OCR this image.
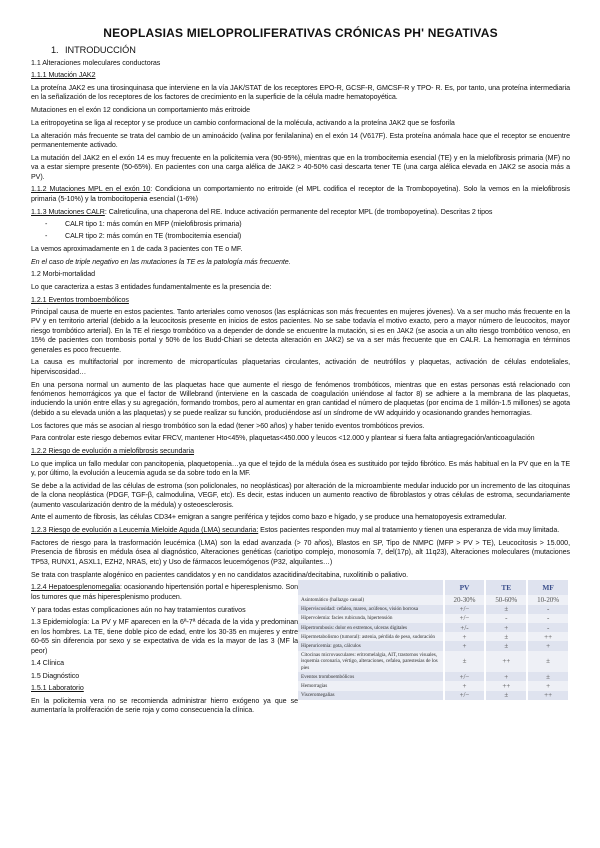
NEOPLASIAS MIELOPROLIFERATIVAS CRÓNICAS PH' NEGATIVAS
1. INTRODUCCIÓN
1.1 Alteraciones moleculares conductoras
1.1.1 Mutación JAK2

La proteína JAK2 es una tirosinquinasa que interviene en la vía JAK/STAT de los receptores EPO-R, GCSF-R, GMCSF-R y TPO- R. Es, por tanto, una proteína intermediaria en la señalización de los receptores de los factores de crecimiento en la superficie de la célula madre hematopoyética.

Mutaciones en el exón 12 condiciona un comportamiento más eritroide

La eritropoyetina se liga al receptor y se produce un cambio conformacional de la molécula, activando a la proteína JAK2 que se fosforila

La alteración más frecuente se trata del cambio de un aminoácido (valina por fenilalanina) en el exón 14 (V617F). Esta proteína anómala hace que el receptor se encuentre permanentemente activado.

La mutación del JAK2 en el exón 14 es muy frecuente en la policitemia vera (90-95%), mientras que en la trombocitemia esencial (TE) y en la mielofibrosis primaria (MF) no va a estar siempre presente (50-65%). En pacientes con una carga alélica de JAK2 > 40-50% casi descarta tener TE (una carga alélica elevada en JAK2 se asocia más a PV).

1.1.2 Mutaciones MPL en el exón 10: Condiciona un comportamiento no eritroide (el MPL codifica el receptor de la Trombopoyetina). Solo la vemos en la mielofibrosis primaria (5-10%) y la trombocitopenia esencial (1-6%)

1.1.3 Mutaciones CALR: Calreticulina, una chaperona del RE. Induce activación permanente del receptor MPL (de trombopoyetina). Descritas 2 tipos

- CALR tipo 1: más común en MFP (mielofibrosis primaria)
- CALR tipo 2: más común en TE (trombocitemia esencial)

La vemos aproximadamente en 1 de cada 3 pacientes con TE o MF.

En el caso de triple negativo en las mutaciones la TE es la patología más frecuente.

1.2 Morbi-mortalidad

Lo que caracteriza a estas 3 entidades fundamentalmente es la presencia de:

1.2.1 Eventos tromboembólicos

Principal causa de muerte en estos pacientes. Tanto arteriales como venosos (las esplácnicas son más frecuentes en mujeres jóvenes). Va a ser mucho más frecuente en la PV y en territorio arterial (debido a la leucocitosis presente en inicios de estos pacientes. No se sabe todavía el motivo exacto, pero a mayor número de leucocitos, mayor riesgo trombótico arterial). En la TE el riesgo trombótico va a depender de donde se encuentre la mutación, si es en JAK2 (se asocia a un alto riesgo trombótico venoso, en 15% de pacientes con trombosis portal y 50% de los Budd-Chiari se detecta alteración en JAK2) se va a ser más frecuente que en CALR. La hemorragia en términos generales es poco frecuente.

La causa es multifactorial por incremento de micropartículas plaquetarias circulantes, activación de neutrófilos y plaquetas, activación de células endoteliales, hiperviscosidad…

En una persona normal un aumento de las plaquetas hace que aumente el riesgo de fenómenos trombóticos, mientras que en estas personas está relacionado con fenómenos hemorrágicos ya que el factor de Willebrand (interviene en la cascada de coagulación uniéndose al factor 8) se adhiere a la membrana de las plaquetas, induciendo la unión entre ellas y su agregación, formando trombos, pero al aumentar en gran cantidad el número de plaquetas (por encima de 1 millón-1.5 millones) se agota (debido a su elevada unión a las plaquetas) y se puede realizar su función, produciéndose así un síndrome de vW adquirido y ocasionando grandes hemorragias.

Los factores que más se asocian al riesgo trombótico son la edad (tener >60 años) y haber tenido eventos trombóticos previos.

Para controlar este riesgo debemos evitar FRCV, mantener Hto<45%, plaquetas<450.000 y leucos <12.000 y plantear si fuera falta antiagregación/anticoagulación

1.2.2 Riesgo de evolución a mielofibrosis secundaria

Lo que implica un fallo medular con pancitopenia, plaquetopenia…ya que el tejido de la médula ósea es sustituido por tejido fibrótico. Es más habitual en la PV que en la TE y, por último, la evolución a leucemia aguda se da sobre todo en la MF.

Se debe a la actividad de las células de estroma (son policlonales, no neoplásticas) por alteración de la microambiente medular inducido por un incremento de las citoquinas de la clona neoplástica (PDGF, TGF-β, calmodulina, VEGF, etc). Es decir, estas inducen un aumento reactivo de fibroblastos y otras células de estroma, secundariamente (aumento vascularización dentro de la médula) y osteoesclerosis.

Ante el aumento de fibrosis, las células CD34+ emigran a sangre periférica y tejidos como bazo e hígado, y se produce una hematopoyesis extramedular.

1.2.3 Riesgo de evolución a Leucemia Mieloide Aguda (LMA) secundaria: Estos pacientes responden muy mal al tratamiento y tienen una esperanza de vida muy limitada.

Factores de riesgo para la trasformación leucémica (LMA) son la edad avanzada (> 70 años), Blastos en SP, Tipo de NMPC (MFP > PV > TE), Leucocitosis > 15.000, Presencia de fibrosis en médula ósea al diagnóstico, Alteraciones genéticas (cariotipo complejo, monosomía 7, del(17p), alt 11q23), Alteraciones moleculares (mutaciones TP53, RUNX1, ASXL1, EZH2, NRAS, etc) y Uso de fármacos leucemógenos (P32, alquilantes…)

Se trata con trasplante alogénico en pacientes candidatos y en no candidatos azacitidina/decitabina, ruxolitinib o paliativo.

1.2.4 Hepatoesplenomegalia: ocasionando hipertensión portal e hiperesplenismo. Son los tumores que más hiperesplenismo producen.

Y para todas estas complicaciones aún no hay tratamientos curativos

1.3 Epidemiología: La PV y MF aparecen en la 6ª-7ª década de la vida y predominan en los hombres. La TE, tiene doble pico de edad, entre los 30-35 en mujeres y entre 60-65 sin diferencia por sexo y se expectativa de vida es la mayor de las 3 (MF la peor)

1.4 Clínica
1.5 Diagnóstico
1.5.1 Laboratorio

En la policitemia vera no se recomienda administrar hierro exógeno ya que se aumentaría la proliferación de serie roja y como consecuencia la clínica.

	PV	TE	MF
Asintomático (hallazgo casual)	20-30%	50-60%	10-20%
Hiperviscosidad: cefalea, mareo, acúfenos, visión borrosa	+/−	±	-
Hipervolemia: facies rubicunda, hipertensión	+/−	-	-
Hipertrombosis: dolor en extremos, ulceras digitales	+/-	+	-
Hipermetabolismo (tumoral): astenia, pérdida de peso, sudoración	+	±	++
Hiperuricemia: gota, cálculos	+	±	+
Citocinas microvasculares: eritromelalgia, AIT, trastornos visuales, isquemia coronaria, vértigo, alteraciones, cefalea, parestesias de los pies	±	++	±
Eventos tromboembólicos	+/−	+	±
Hemorragias	+	++	+
Visceromegalias	+/−	±	++
